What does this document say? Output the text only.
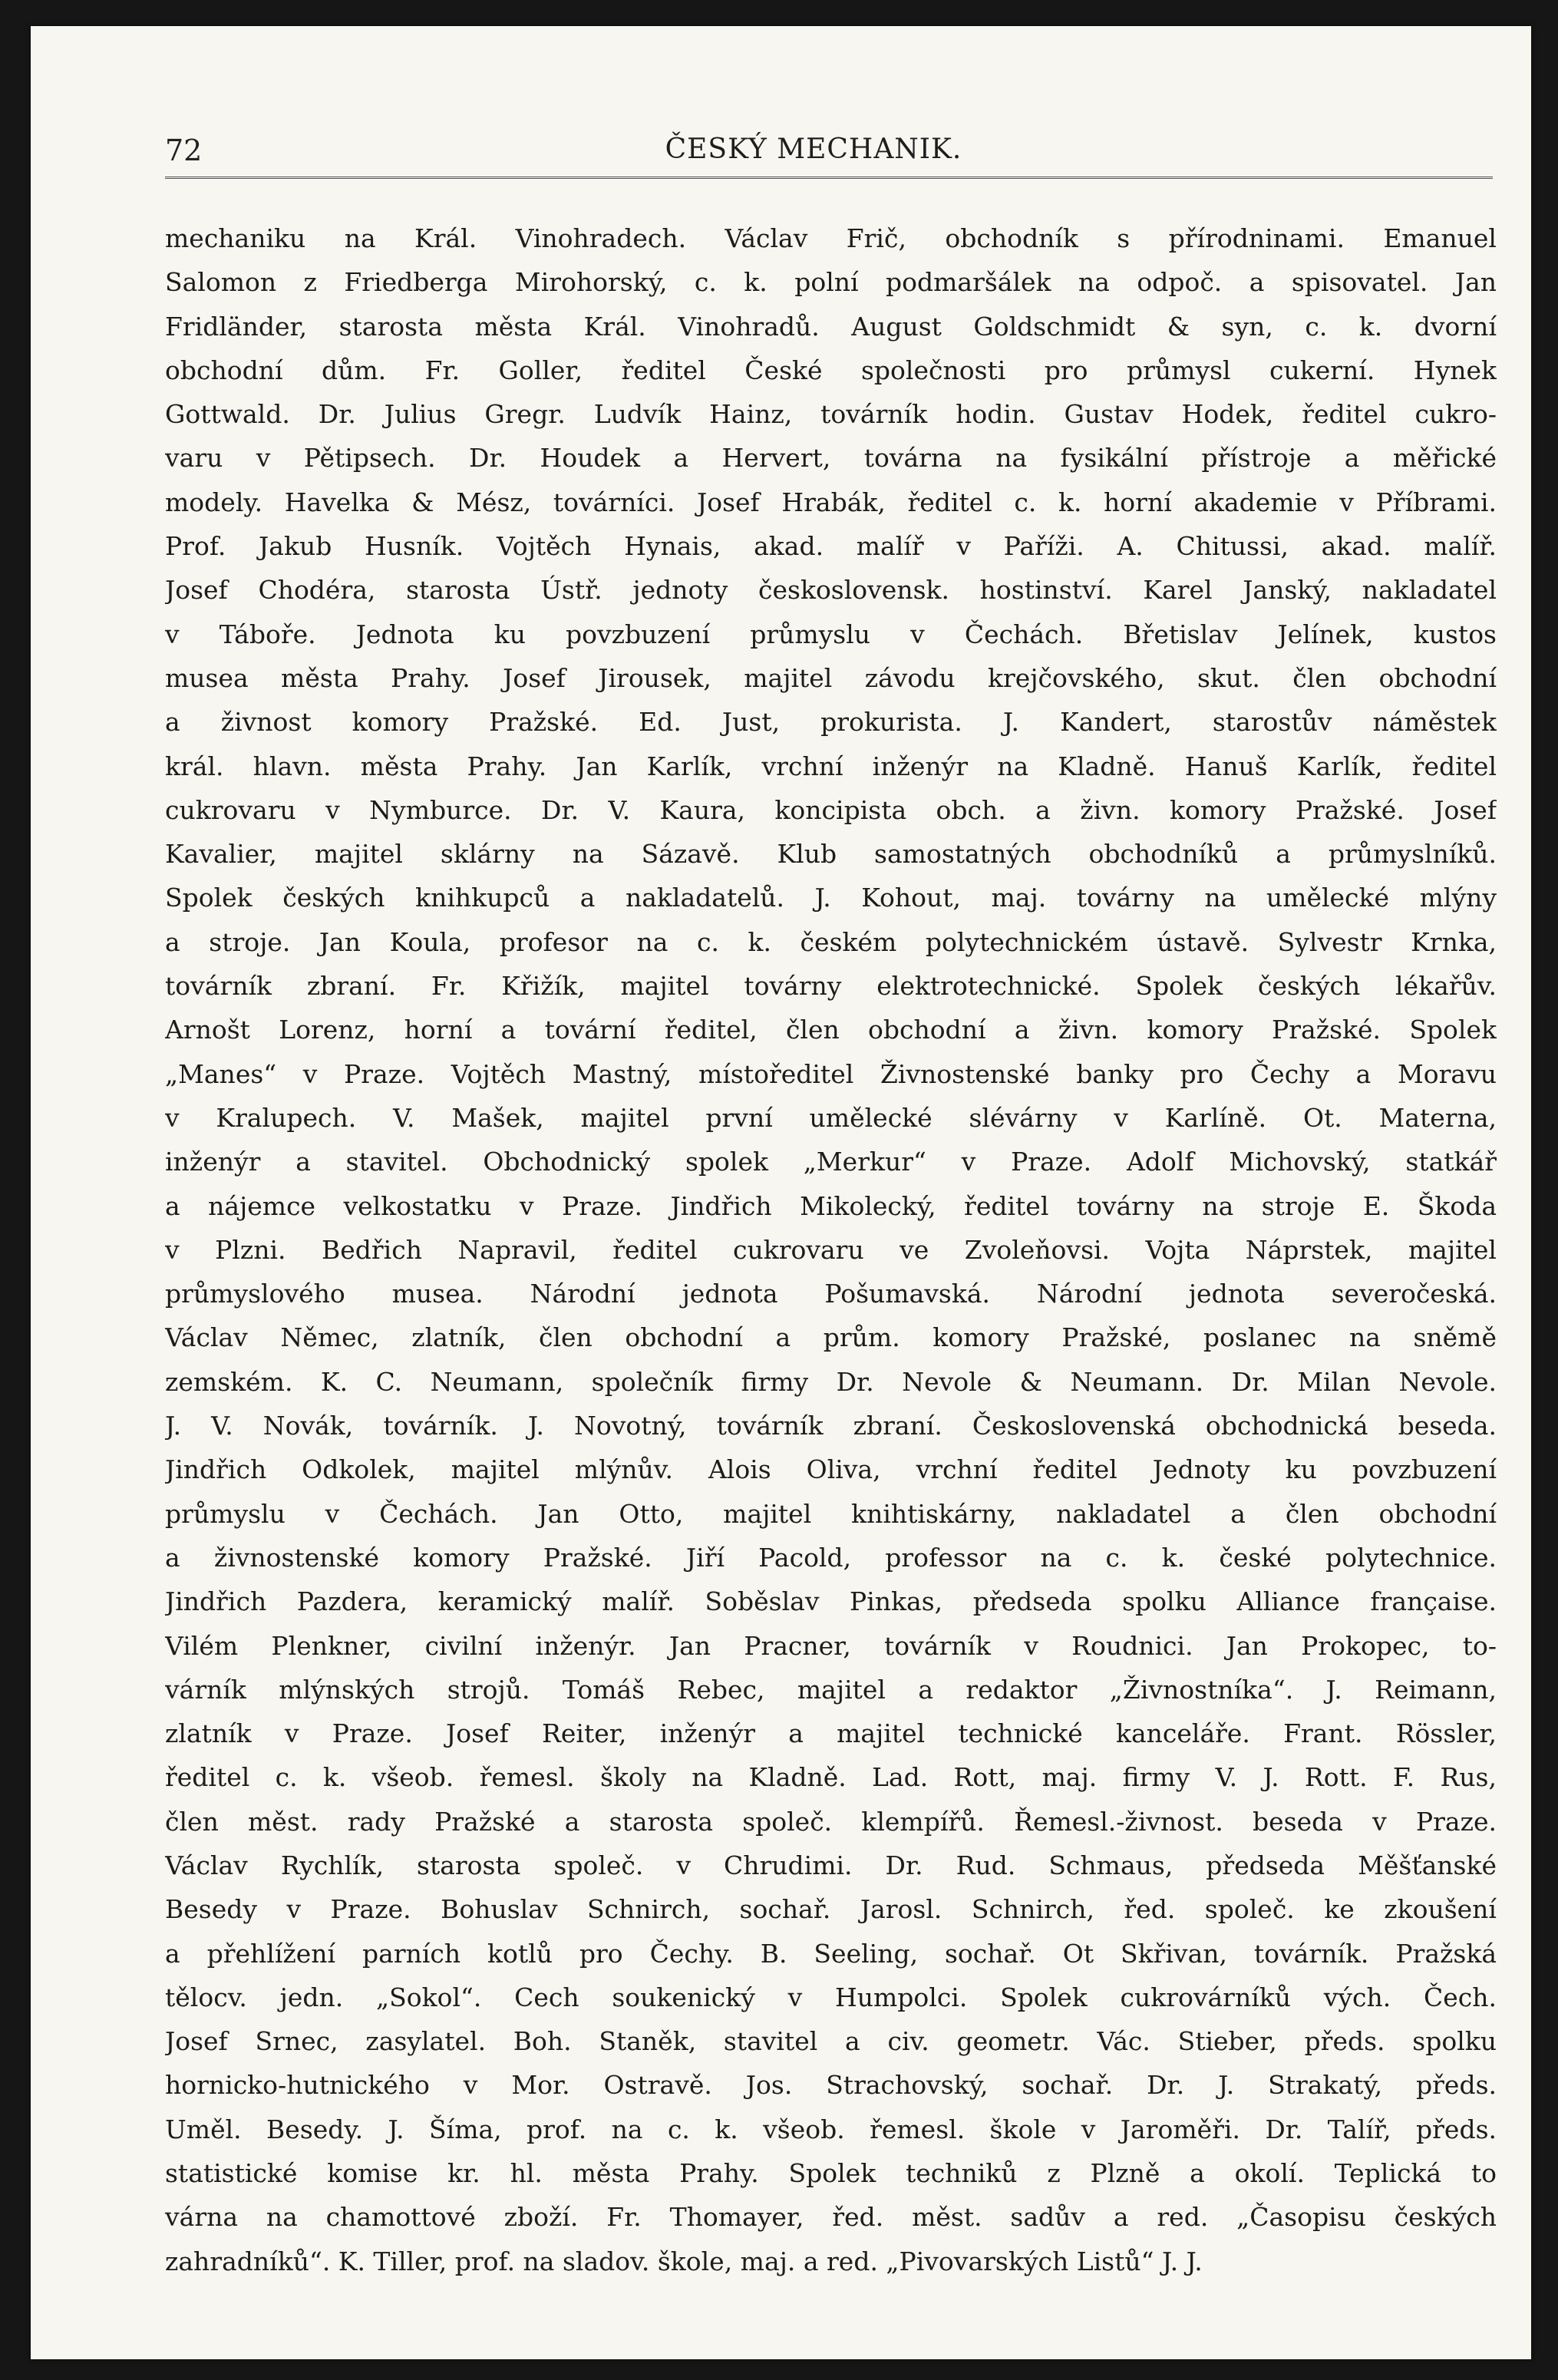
72	ČESKÝ MECHANIK.
mechaniku na Král. Vinohradech. Václav Frič, obchodník s přírodninami. Emanuel
Salomon z Friedberga Mirohorský, c. k. polní podmaršálek na odpoč. a spisovatel. Jan
Fridländer, starosta města Král. Vinohradů. August Goldschmidt & syn, c. k. dvorní
obchodní dům. Fr. Goller, ředitel České společnosti pro průmysl cukerní. Hynek
Gottwald. Dr. Julius Gregr. Ludvík Hainz, továrník hodin. Gustav Hodek, ředitel cukro-
varu v Pětipsech. Dr. Houdek a Hervert, továrna na fysikální přístroje a měřické
modely. Havelka & Mész, továrníci. Josef Hrabák, ředitel c. k. horní akademie v Příbrami.
Prof. Jakub Husník. Vojtěch Hynais, akad. malíř v Paříži. A. Chitussi, akad. malíř.
Josef Chodéra, starosta Ústř. jednoty československ. hostinství. Karel Janský, nakladatel
v Táboře. Jednota ku povzbuzení průmyslu v Čechách. Břetislav Jelínek, kustos
musea města Prahy. Josef Jirousek, majitel závodu krejčovského, skut. člen obchodní
a živnost komory Pražské. Ed. Just, prokurista. J. Kandert, starostův náměstek
král. hlavn. města Prahy. Jan Karlík, vrchní inženýr na Kladně. Hanuš Karlík, ředitel
cukrovaru v Nymburce. Dr. V. Kaura, koncipista obch. a živn. komory Pražské. Josef
Kavalier, majitel sklárny na Sázavě. Klub samostatných obchodníků a průmyslníků.
Spolek českých knihkupců a nakladatelů. J. Kohout, maj. továrny na umělecké mlýny
a stroje. Jan Koula, profesor na c. k. českém polytechnickém ústavě. Sylvestr Krnka,
továrník zbraní. Fr. Křižík, majitel továrny elektrotechnické. Spolek českých lékařův.
Arnošt Lorenz, horní a tovární ředitel, člen obchodní a živn. komory Pražské. Spolek
„Manes“ v Praze. Vojtěch Mastný, místoředitel Živnostenské banky pro Čechy a Moravu
v Kralupech. V. Mašek, majitel první umělecké slévárny v Karlíně. Ot. Materna,
inženýr a stavitel. Obchodnický spolek „Merkur“ v Praze. Adolf Michovský, statkář
a nájemce velkostatku v Praze. Jindřich Mikolecký, ředitel továrny na stroje E. Škoda
v Plzni. Bedřich Napravil, ředitel cukrovaru ve Zvoleňovsi. Vojta Náprstek, majitel
průmyslového musea. Národní jednota Pošumavská. Národní jednota severočeská.
Václav Němec, zlatník, člen obchodní a prům. komory Pražské, poslanec na sněmě
zemském. K. C. Neumann, společník firmy Dr. Nevole & Neumann. Dr. Milan Nevole.
J. V. Novák, továrník. J. Novotný, továrník zbraní. Československá obchodnická beseda.
Jindřich Odkolek, majitel mlýnův. Alois Oliva, vrchní ředitel Jednoty ku povzbuzení
průmyslu v Čechách. Jan Otto, majitel knihtiskárny, nakladatel a člen obchodní
a živnostenské komory Pražské. Jiří Pacold, professor na c. k. české polytechnice.
Jindřich Pazdera, keramický malíř. Soběslav Pinkas, předseda spolku Alliance française.
Vilém Plenkner, civilní inženýr. Jan Pracner, továrník v Roudnici. Jan Prokopec, to-
várník mlýnských strojů. Tomáš Rebec, majitel a redaktor „Živnostníka“. J. Reimann,
zlatník v Praze. Josef Reiter, inženýr a majitel technické kanceláře. Frant. Rössler,
ředitel c. k. všeob. řemesl. školy na Kladně. Lad. Rott, maj. firmy V. J. Rott. F. Rus,
člen měst. rady Pražské a starosta společ. klempířů. Řemesl.-živnost. beseda v Praze.
Václav Rychlík, starosta společ. v Chrudimi. Dr. Rud. Schmaus, předseda Měšťanské
Besedy v Praze. Bohuslav Schnirch, sochař. Jarosl. Schnirch, řed. společ. ke zkoušení
a přehlížení parních kotlů pro Čechy. B. Seeling, sochař. Ot Skřivan, továrník. Pražská
tělocv. jedn. „Sokol“. Cech soukenický v Humpolci. Spolek cukrovárníků vých. Čech.
Josef Srnec, zasylatel. Boh. Staněk, stavitel a civ. geometr. Vác. Stieber, předs. spolku
hornicko-hutnického v Mor. Ostravě. Jos. Strachovský, sochař. Dr. J. Strakatý, předs.
Uměl. Besedy. J. Šíma, prof. na c. k. všeob. řemesl. škole v Jaroměři. Dr. Talíř, předs.
statistické komise kr. hl. města Prahy. Spolek techniků z Plzně a okolí. Teplická to
várna na chamottové zboží. Fr. Thomayer, řed. měst. sadův a red. „Časopisu českých
zahradníků“. K. Tiller, prof. na sladov. škole, maj. a red. „Pivovarských Listů“ J. J.
